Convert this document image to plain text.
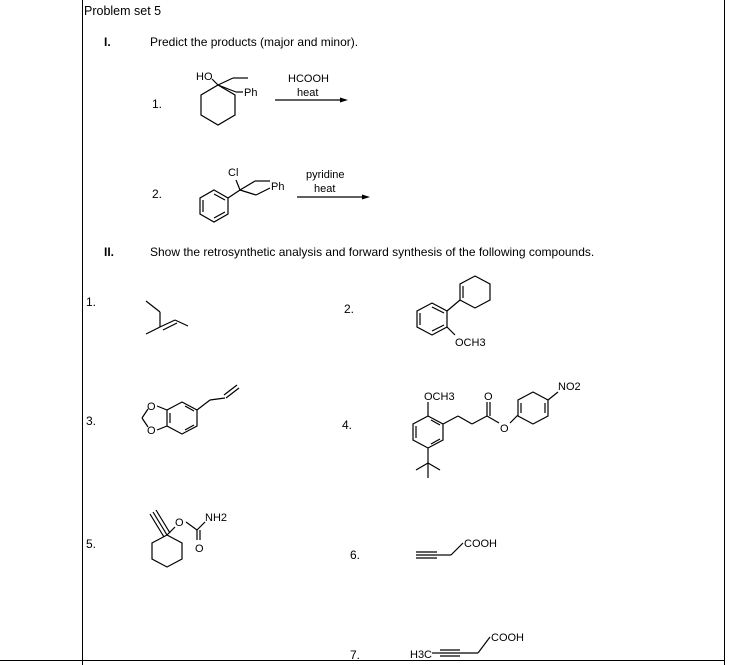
Problem set 5
I.	Predict the products (major and minor).
1.
2.
HO
Ph
HCOOH
heat
Cl
Ph
pyridine
heat
II.	Show the retrosynthetic analysis and forward synthesis of the following compounds.
1.	2.
3.	4.
5.
6.
7.
OCH3
O
O
OCH3	O
O
NO2
O NH2
O	COOH
H3C
COOH
